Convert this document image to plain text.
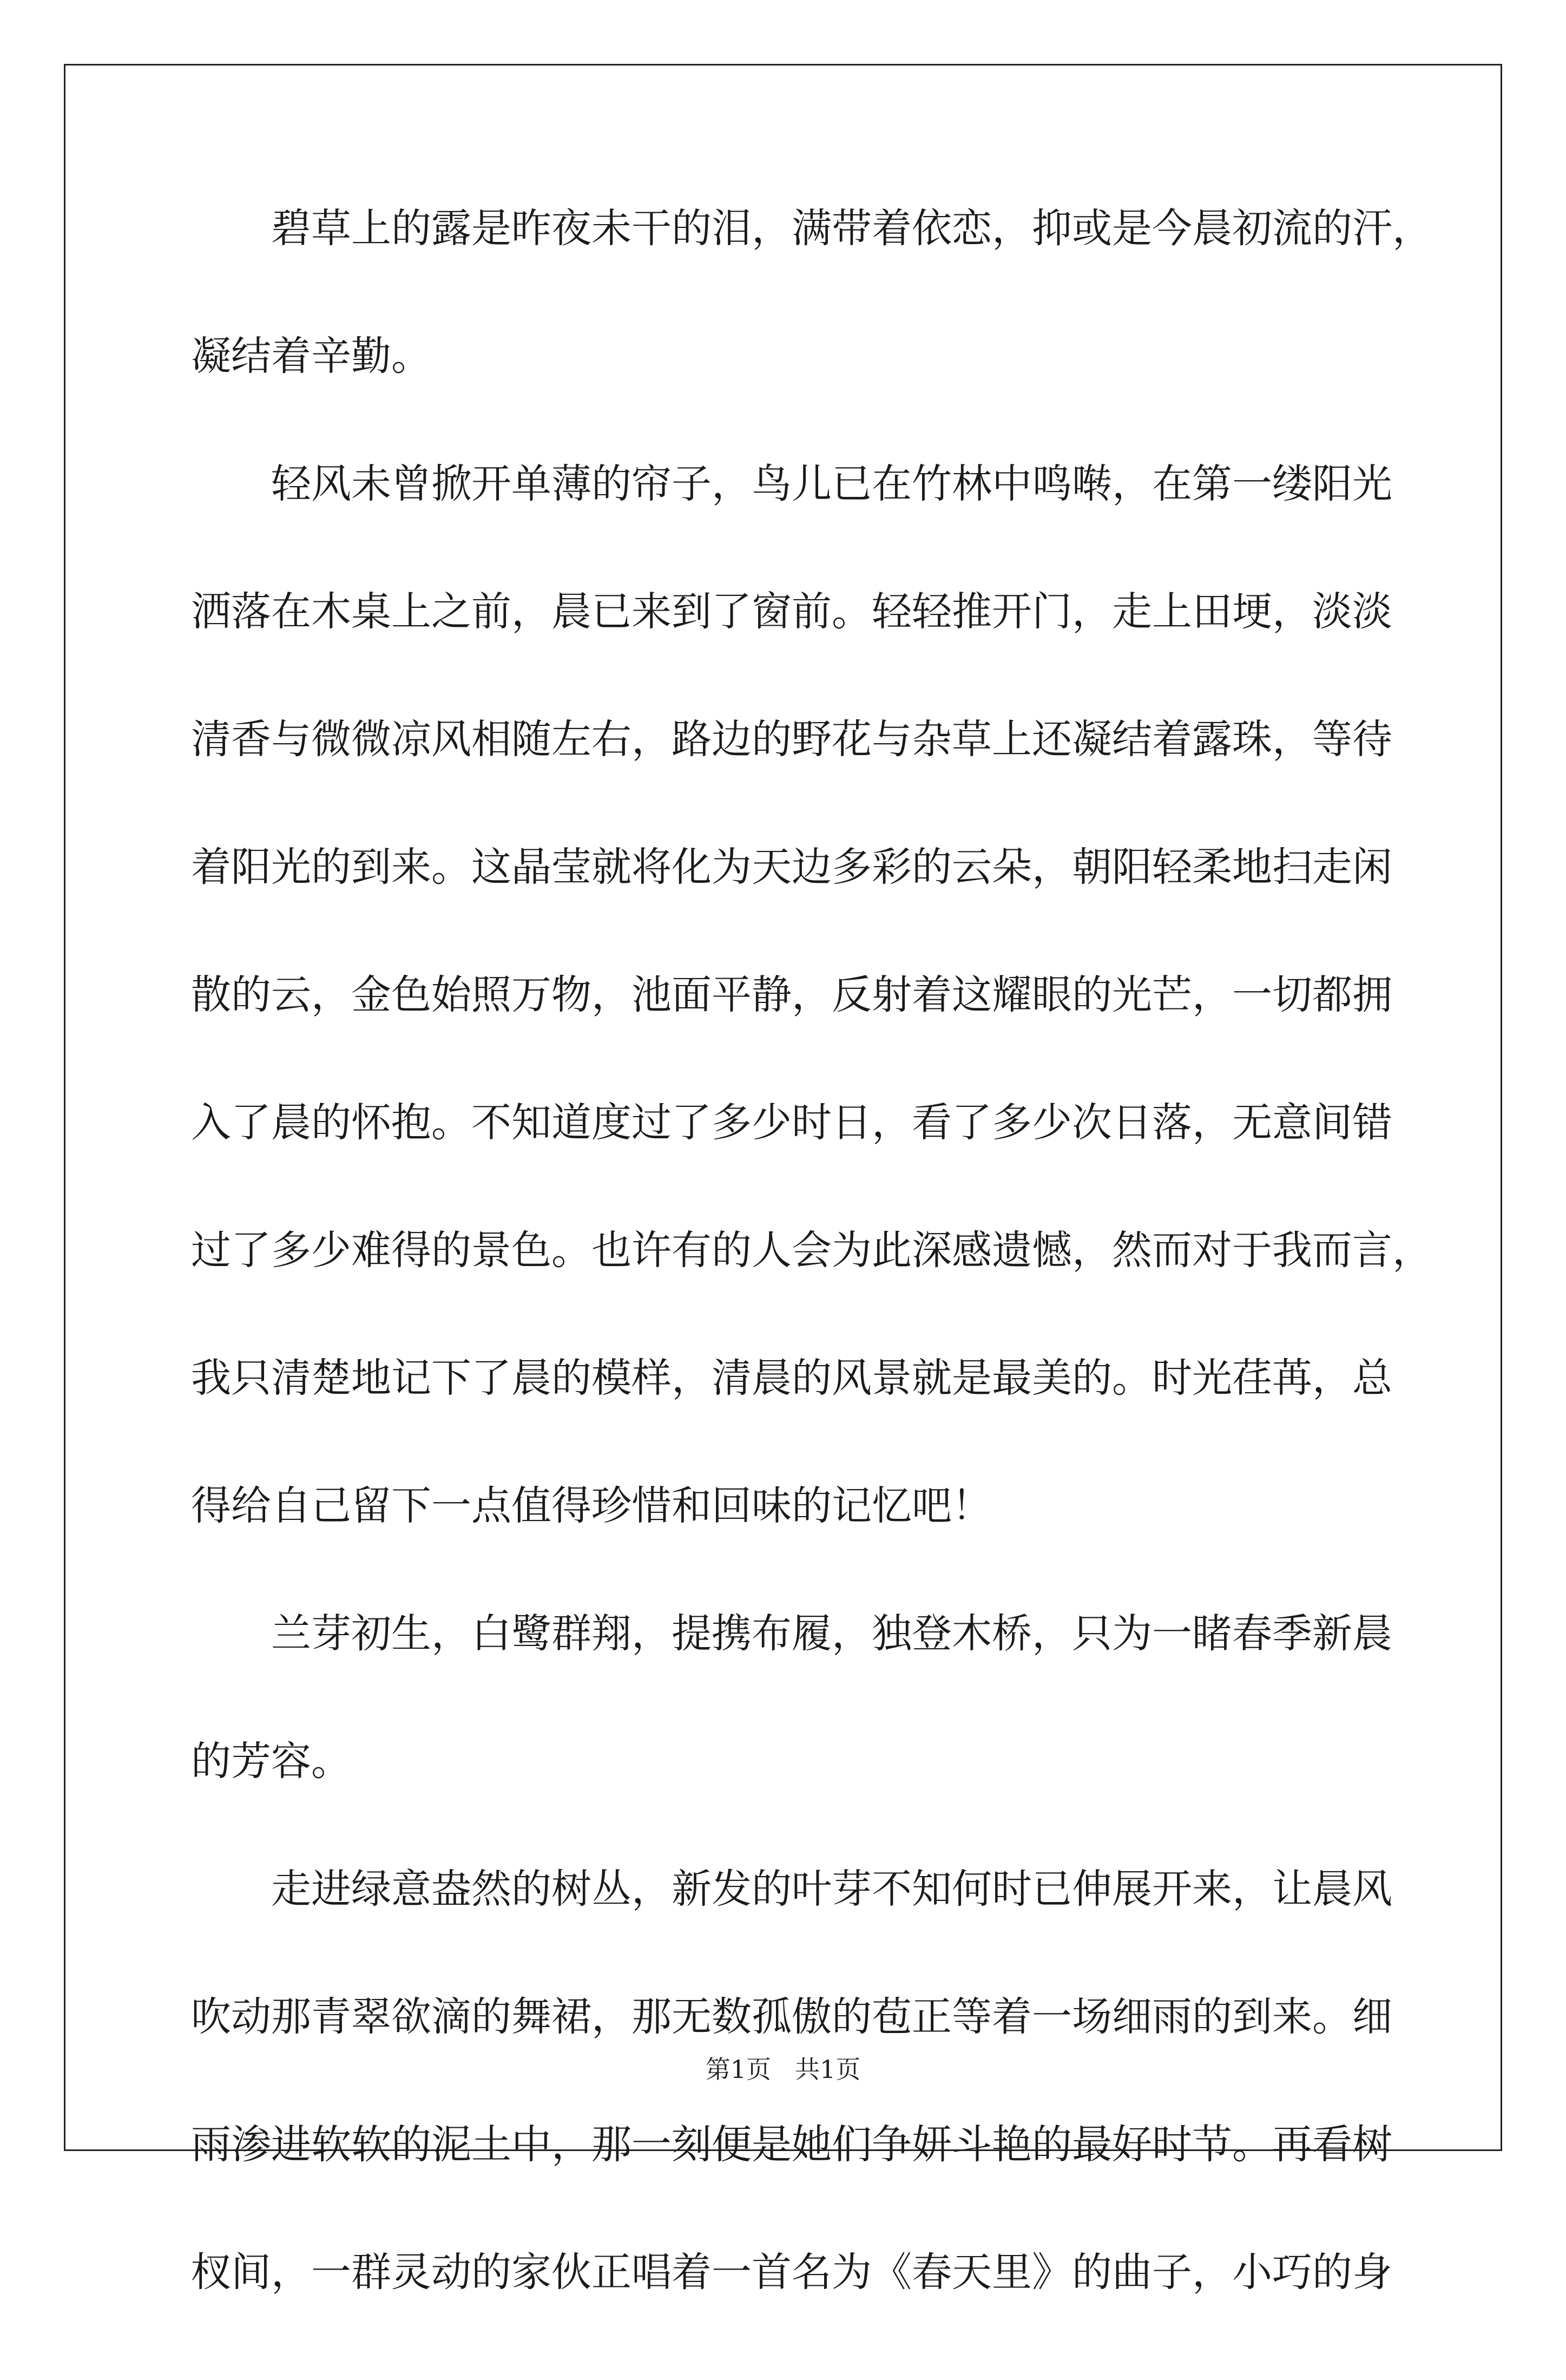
碧草上的露是昨夜未干的泪，满带着依恋，抑或是今晨初流的汗，
凝结着辛勤。
轻风未曾掀开单薄的帘子，鸟儿已在竹林中鸣啭，在第一缕阳光
洒落在木桌上之前，晨已来到了窗前。轻轻推开门，走上田埂，淡淡
清香与微微凉风相随左右，路边的野花与杂草上还凝结着露珠，等待
着阳光的到来。这晶莹就将化为天边多彩的云朵，朝阳轻柔地扫走闲
散的云，金色始照万物，池面平静，反射着这耀眼的光芒，一切都拥
入了晨的怀抱。不知道度过了多少时日，看了多少次日落，无意间错
过了多少难得的景色。也许有的人会为此深感遗憾，然而对于我而言，
我只清楚地记下了晨的模样，清晨的风景就是最美的。时光荏苒，总
得给自己留下一点值得珍惜和回味的记忆吧！
兰芽初生，白鹭群翔，提携布履，独登木桥，只为一睹春季新晨
的芳容。
走进绿意盎然的树丛，新发的叶芽不知何时已伸展开来，让晨风
吹动那青翠欲滴的舞裙，那无数孤傲的苞正等着一场细雨的到来。细
雨渗进软软的泥土中，那一刻便是她们争妍斗艳的最好时节。再看树
杈间，一群灵动的家伙正唱着一首名为《春天里》的曲子，小巧的身
第1页 共1页
